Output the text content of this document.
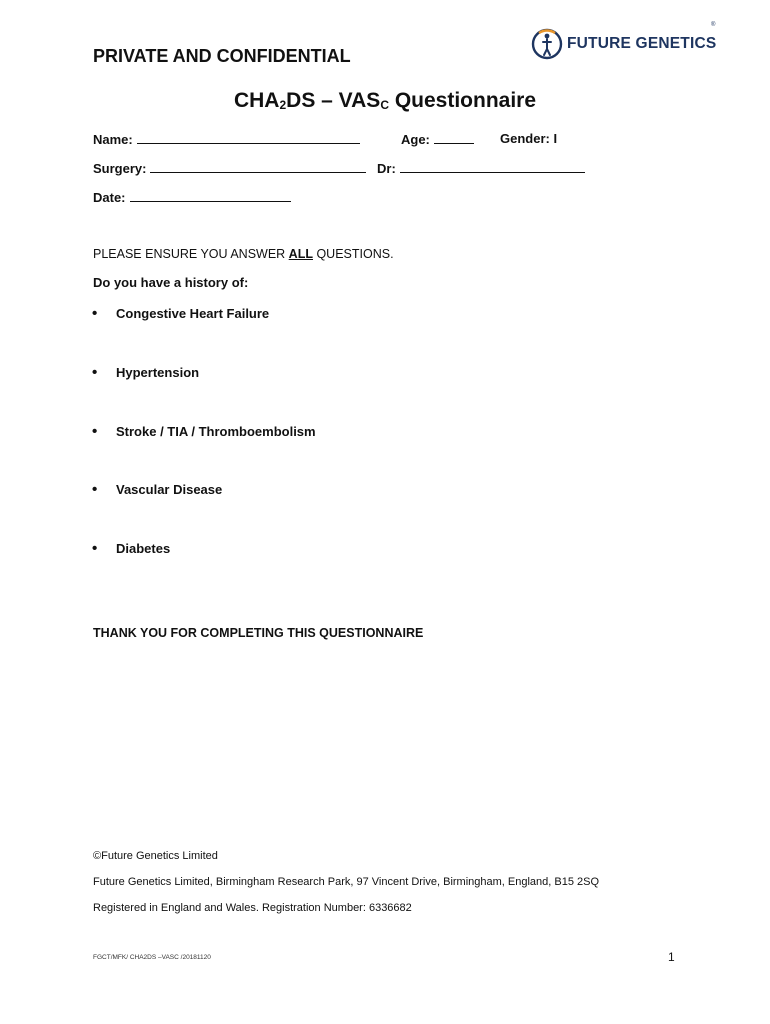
FUTURE GENETICS
®
PRIVATE AND CONFIDENTIAL
$CHA_2DS - VAS_C$ Questionnaire
Name:	Age:	Gender: I
Surgery:	Dr:
Date:
PLEASE ENSURE YOU ANSWER ALL QUESTIONS.
Do you have a history of:
• Congestive Heart Failure
• Hypertension
• Stroke / TIA / Thromboembolism
• Vascular Disease
• Diabetes
THANK YOU FOR COMPLETING THIS QUESTIONNAIRE
©Future Genetics Limited
Future Genetics Limited, Birmingham Research Park, 97 Vincent Drive, Birmingham, England, B15 2SQ
Registered in England and Wales. Registration Number: 6336682
FGCT/MFK/ CHA2DS –VASC /20181120	1
